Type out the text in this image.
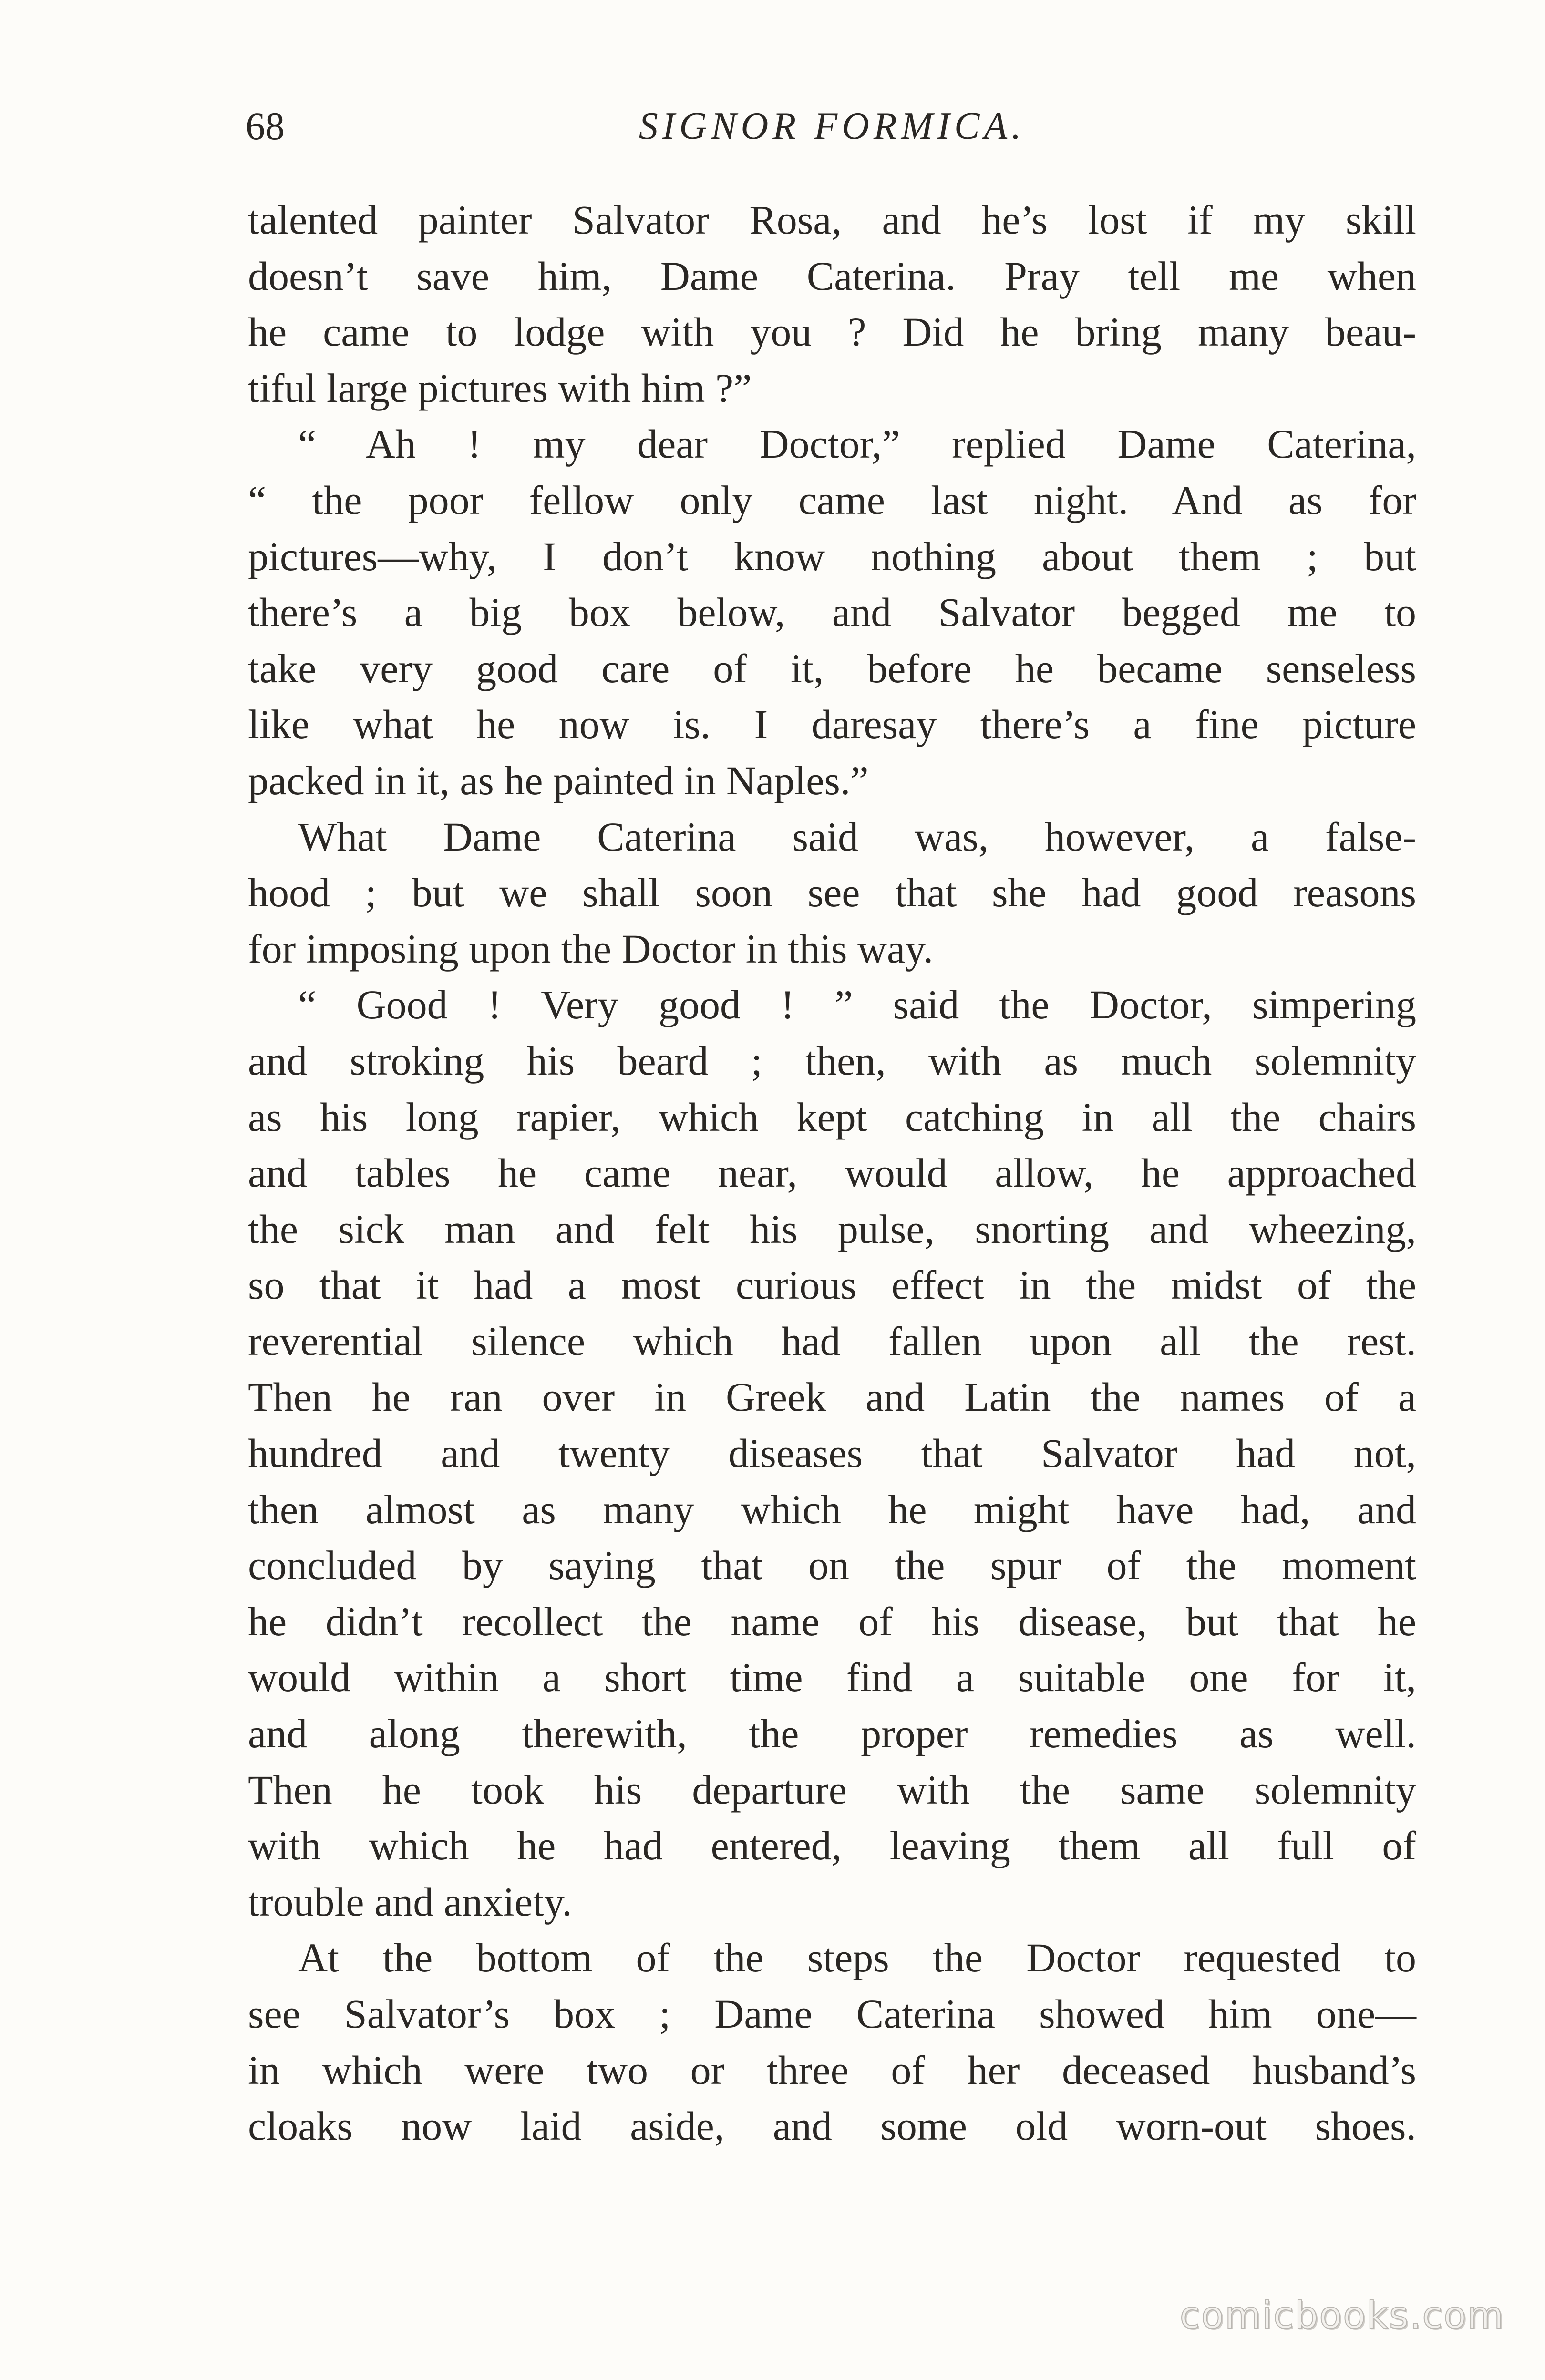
68	SIGNOR FORMICA.

talented painter Salvator Rosa, and he’s lost if my skill
doesn’t save him, Dame Caterina. Pray tell me when
he came to lodge with you ? Did he bring many beau-
tiful large pictures with him ?”

“ Ah ! my dear Doctor,” replied Dame Caterina,
“ the poor fellow only came last night. And as for
pictures—why, I don’t know nothing about them ; but
there’s a big box below, and Salvator begged me to
take very good care of it, before he became senseless
like what he now is. I daresay there’s a fine picture
packed in it, as he painted in Naples.”

What Dame Caterina said was, however, a false-
hood ; but we shall soon see that she had good reasons
for imposing upon the Doctor in this way.

“ Good ! Very good ! ” said the Doctor, simpering
and stroking his beard ; then, with as much solemnity
as his long rapier, which kept catching in all the chairs
and tables he came near, would allow, he approached
the sick man and felt his pulse, snorting and wheezing,
so that it had a most curious effect in the midst of the
reverential silence which had fallen upon all the rest.
Then he ran over in Greek and Latin the names of a
hundred and twenty diseases that Salvator had not,
then almost as many which he might have had, and
concluded by saying that on the spur of the moment
he didn’t recollect the name of his disease, but that he
would within a short time find a suitable one for it,
and along therewith, the proper remedies as well.
Then he took his departure with the same solemnity
with which he had entered, leaving them all full of
trouble and anxiety.

At the bottom of the steps the Doctor requested to
see Salvator’s box ; Dame Caterina showed him one—
in which were two or three of her deceased husband’s
cloaks now laid aside, and some old worn-out shoes.

comicbooks.com
